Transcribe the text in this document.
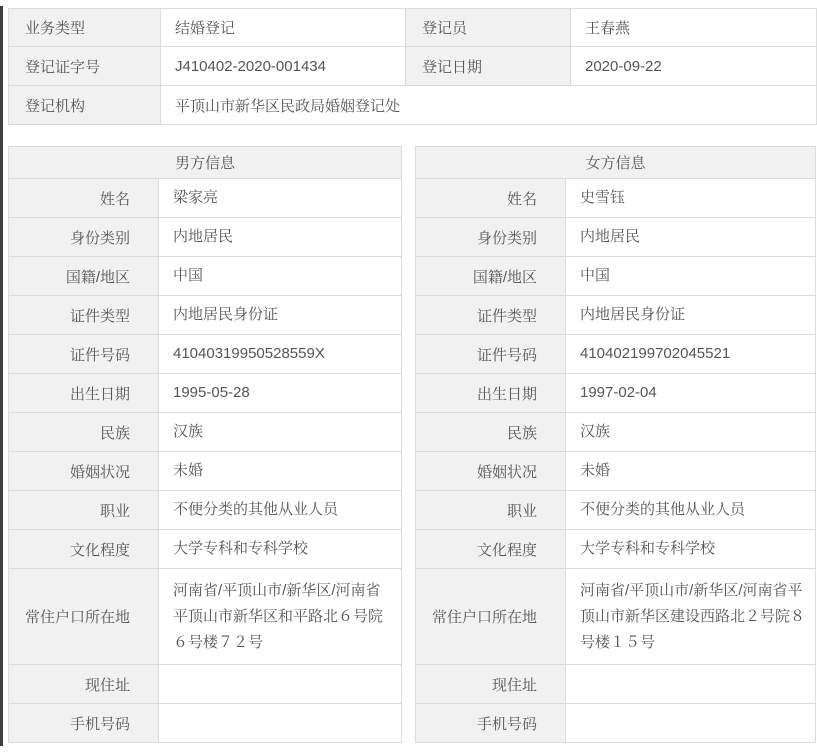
业务类型	结婚登记	登记员	王春燕
登记证字号	J410402-2020-001434	登记日期	2020-09-22
登记机构	平顶山市新华区民政局婚姻登记处		
男方信息	
姓名	梁家亮
身份类别	内地居民
国籍/地区	中国
证件类型	内地居民身份证
证件号码	41040319950528559X
出生日期	1995-05-28
民族	汉族
婚姻状况	未婚
职业	不便分类的其他从业人员
文化程度	大学专科和专科学校
常住户口所在地	河南省/平顶山市/新华区/河南省平顶山市新华区和平路北６号院６号楼７２号
现住址	
手机号码	
女方信息	
姓名	史雪钰
身份类别	内地居民
国籍/地区	中国
证件类型	内地居民身份证
证件号码	410402199702045521
出生日期	1997-02-04
民族	汉族
婚姻状况	未婚
职业	不便分类的其他从业人员
文化程度	大学专科和专科学校
常住户口所在地	河南省/平顶山市/新华区/河南省平顶山市新华区建设西路北２号院８号楼１５号
现住址	
手机号码	
